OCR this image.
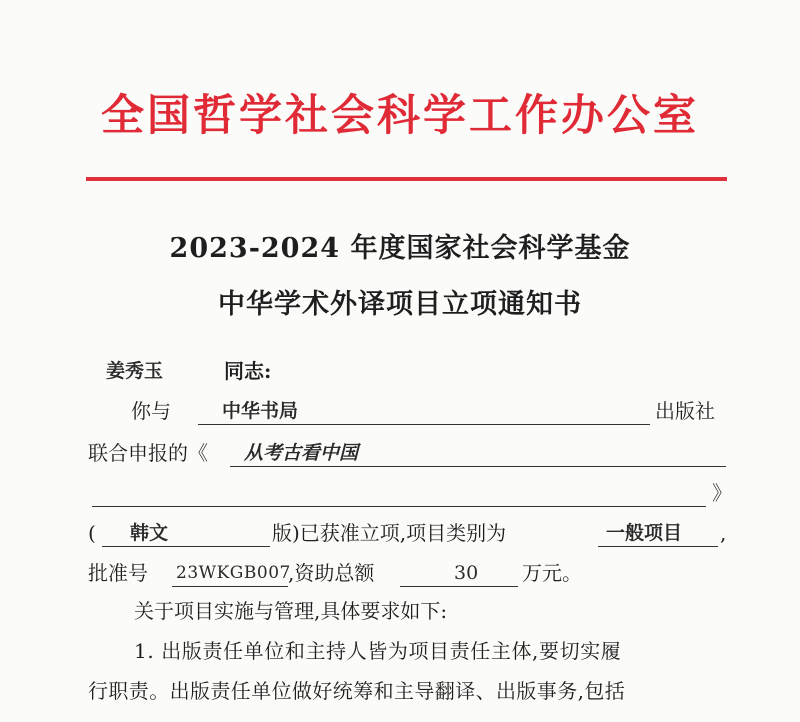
全国哲学社会科学工作办公室
2023-2024 年度国家社会科学基金
中华学术外译项目立项通知书
姜秀玉	同志:
你与	中华书局	出版社
联合申报的《 从考古看中国
》
( 韩文	版)已获准立项,项目类别为	一般项目 ,
批准号 23WKGB007
,资助总额	30 万元。
关于项目实施与管理,具体要求如下:
1. 出版责任单位和主持人皆为项目责任主体,要切实履
行职责。出版责任单位做好统筹和主导翻译、出版事务,包括
